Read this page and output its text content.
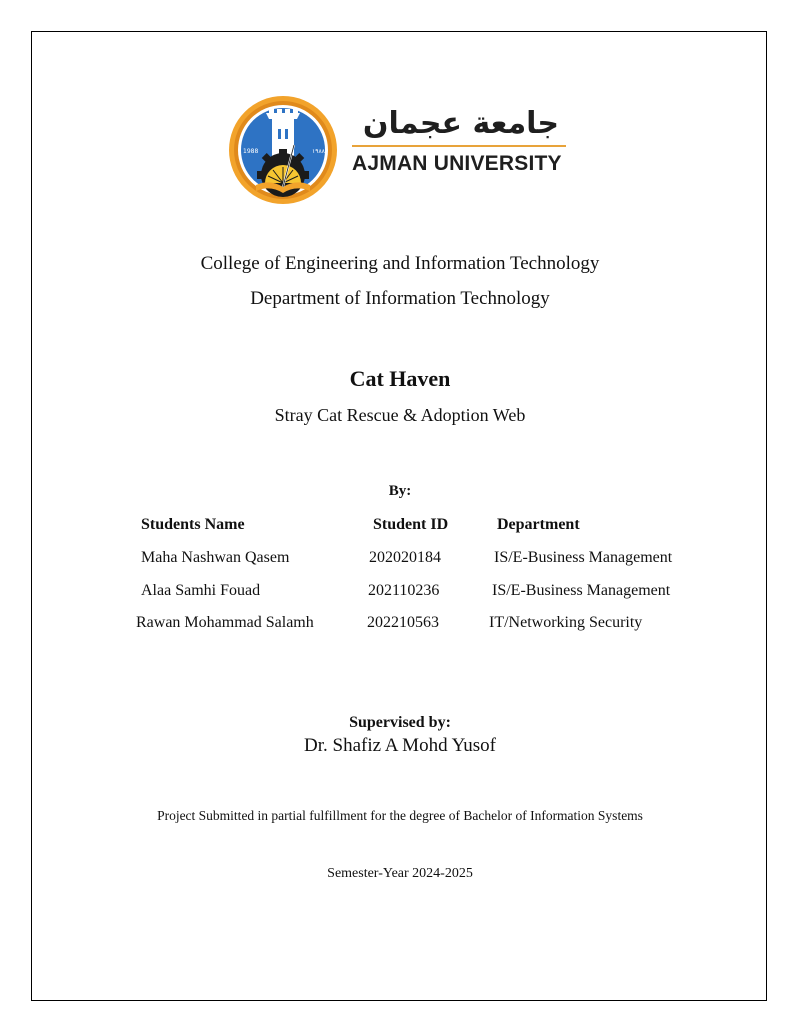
1988	١٩٨٨
جامعة عجمان
AJMAN UNIVERSITY
College of Engineering and Information Technology
Department of Information Technology
Cat Haven
Stray Cat Rescue & Adoption Web
By:
Students Name	Student ID	Department
Maha Nashwan Qasem	202020184	IS/E-Business Management
Alaa Samhi Fouad	202110236	IS/E-Business Management
Rawan Mohammad Salamh	202210563	IT/Networking Security
Supervised by:
Dr. Shafiz A Mohd Yusof
Project Submitted in partial fulfillment for the degree of Bachelor of Information Systems
Semester-Year 2024-2025
